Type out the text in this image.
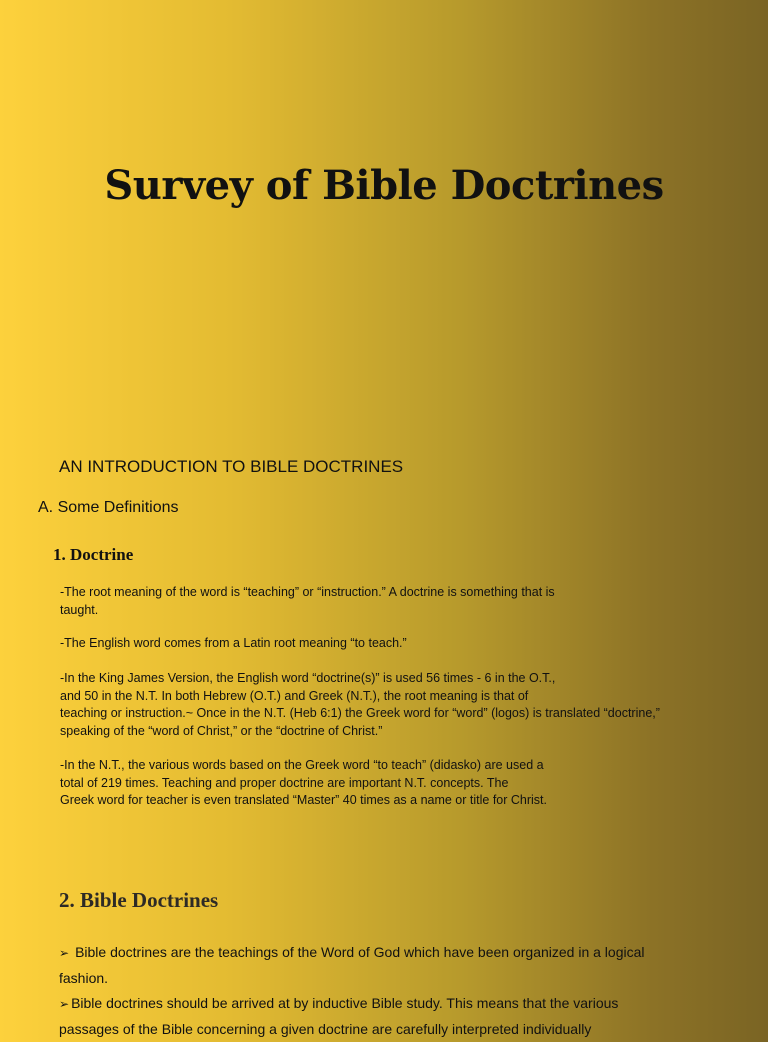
Survey of Bible Doctrines
AN INTRODUCTION TO BIBLE DOCTRINES
A. Some Definitions
1. Doctrine
-The root meaning of the word is “teaching” or “instruction.” A doctrine is something that is
taught.
-The English word comes from a Latin root meaning “to teach.”
-In the King James Version, the English word “doctrine(s)” is used 56 times - 6 in the O.T.,
and 50 in the N.T. In both Hebrew (O.T.) and Greek (N.T.), the root meaning is that of
teaching or instruction.~ Once in the N.T. (Heb 6:1) the Greek word for “word” (logos) is translated “doctrine,”
speaking of the “word of Christ,” or the “doctrine of Christ.”
-In the N.T., the various words based on the Greek word “to teach” (didasko) are used a
total of 219 times. Teaching and proper doctrine are important N.T. concepts. The
Greek word for teacher is even translated “Master” 40 times as a name or title for Christ.
2. Bible Doctrines
➢ Bible doctrines are the teachings of the Word of God which have been organized in a logical
fashion.
➢ Bible doctrines should be arrived at by inductive Bible study. This means that the various
passages of the Bible concerning a given doctrine are carefully interpreted individually
